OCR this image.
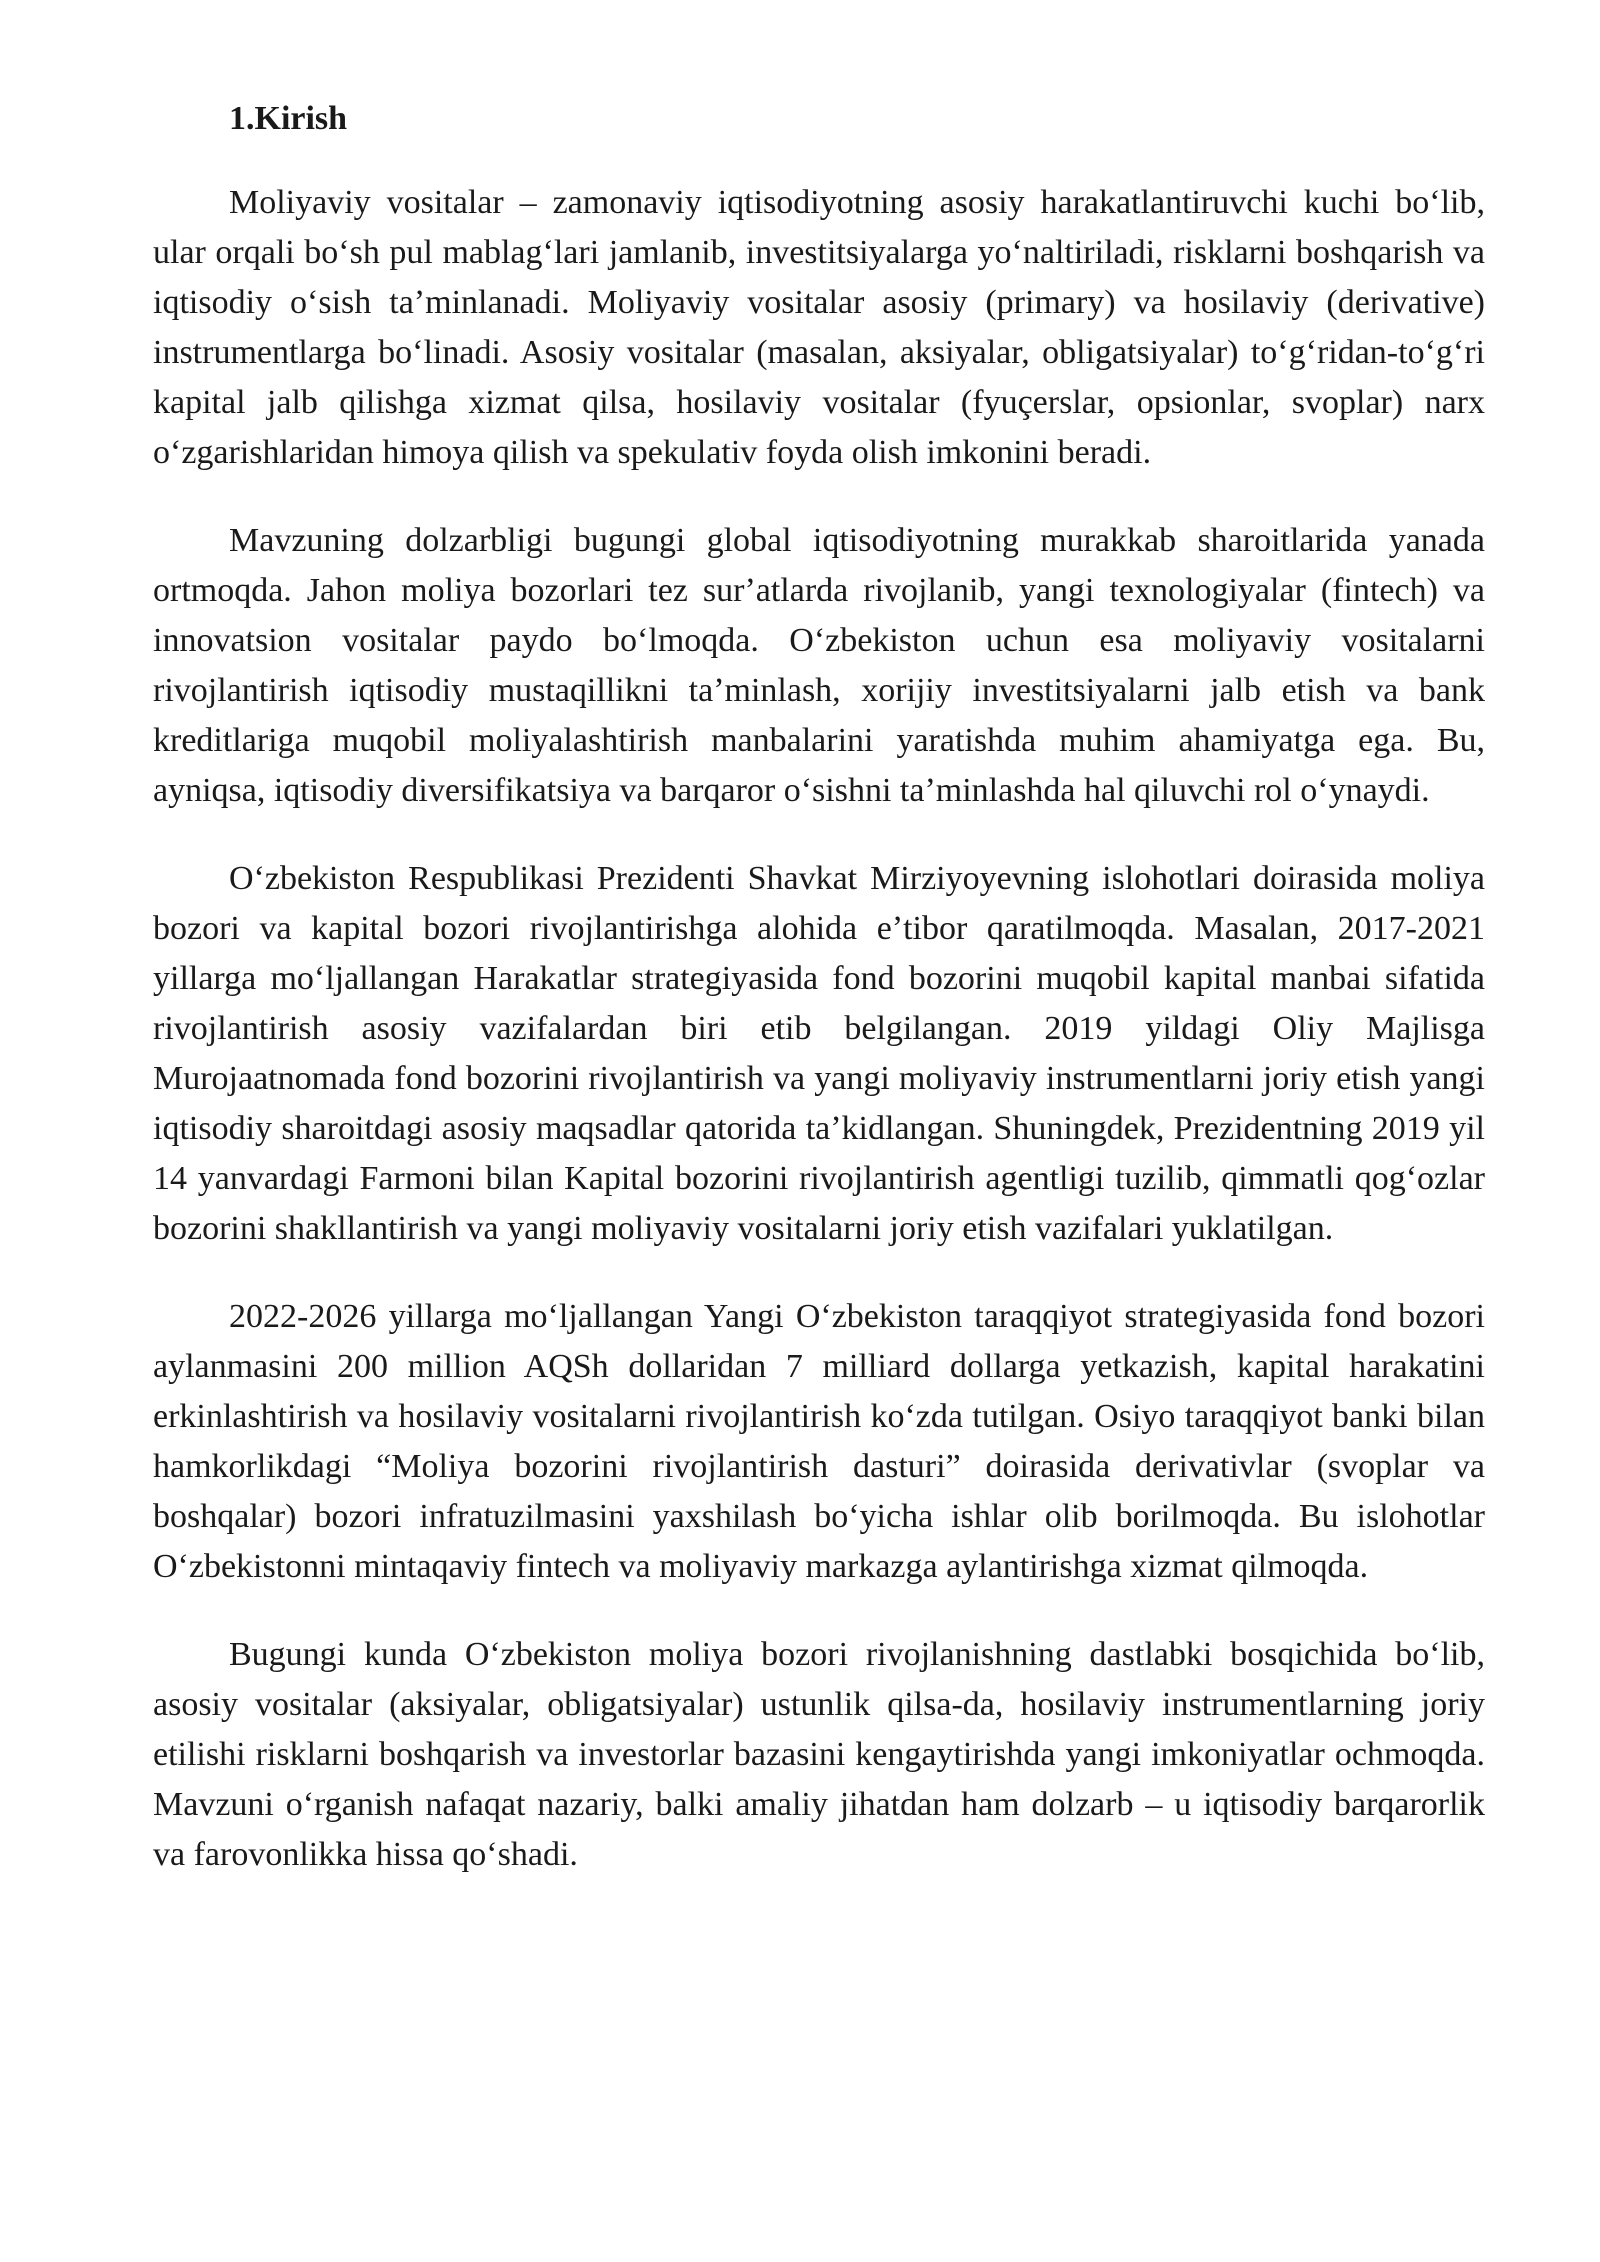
1.Kirish

Moliyaviy vositalar – zamonaviy iqtisodiyotning asosiy harakatlantiruvchi kuchi boʻlib, ular orqali boʻsh pul mablagʻlari jamlanib, investitsiyalarga yoʻnaltiriladi, risklarni boshqarish va iqtisodiy oʻsish taʼminlanadi. Moliyaviy vositalar asosiy (primary) va hosilaviy (derivative) instrumentlarga boʻlinadi. Asosiy vositalar (masalan, aksiyalar, obligatsiyalar) toʻgʻridan-toʻgʻri kapital jalb qilishga xizmat qilsa, hosilaviy vositalar (fyuçerslar, opsionlar, svoplar) narx oʻzgarishlaridan himoya qilish va spekulativ foyda olish imkonini beradi.

Mavzuning dolzarbligi bugungi global iqtisodiyotning murakkab sharoitlarida yanada ortmoqda. Jahon moliya bozorlari tez surʼatlarda rivojlanib, yangi texnologiyalar (fintech) va innovatsion vositalar paydo boʻlmoqda. Oʻzbekiston uchun esa moliyaviy vositalarni rivojlantirish iqtisodiy mustaqillikni taʼminlash, xorijiy investitsiyalarni jalb etish va bank kreditlariga muqobil moliyalashtirish manbalarini yaratishda muhim ahamiyatga ega. Bu, ayniqsa, iqtisodiy diversifikatsiya va barqaror oʻsishni taʼminlashda hal qiluvchi rol oʻynaydi.

Oʻzbekiston Respublikasi Prezidenti Shavkat Mirziyoyevning islohotlari doirasida moliya bozori va kapital bozori rivojlantirishga alohida eʼtibor qaratilmoqda. Masalan, 2017-2021 yillarga moʻljallangan Harakatlar strategiyasida fond bozorini muqobil kapital manbai sifatida rivojlantirish asosiy vazifalardan biri etib belgilangan. 2019 yildagi Oliy Majlisga Murojaatnomada fond bozorini rivojlantirish va yangi moliyaviy instrumentlarni joriy etish yangi iqtisodiy sharoitdagi asosiy maqsadlar qatorida taʼkidlangan. Shuningdek, Prezidentning 2019 yil 14 yanvardagi Farmoni bilan Kapital bozorini rivojlantirish agentligi tuzilib, qimmatli qogʻozlar bozorini shakllantirish va yangi moliyaviy vositalarni joriy etish vazifalari yuklatilgan.

2022-2026 yillarga moʻljallangan Yangi Oʻzbekiston taraqqiyot strategiyasida fond bozori aylanmasini 200 million AQSh dollaridan 7 milliard dollarga yetkazish, kapital harakatini erkinlashtirish va hosilaviy vositalarni rivojlantirish koʻzda tutilgan. Osiyo taraqqiyot banki bilan hamkorlikdagi “Moliya bozorini rivojlantirish dasturi” doirasida derivativlar (svoplar va boshqalar) bozori infratuzilmasini yaxshilash boʻyicha ishlar olib borilmoqda. Bu islohotlar Oʻzbekistonni mintaqaviy fintech va moliyaviy markazga aylantirishga xizmat qilmoqda.

Bugungi kunda Oʻzbekiston moliya bozori rivojlanishning dastlabki bosqichida boʻlib, asosiy vositalar (aksiyalar, obligatsiyalar) ustunlik qilsa-da, hosilaviy instrumentlarning joriy etilishi risklarni boshqarish va investorlar bazasini kengaytirishda yangi imkoniyatlar ochmoqda. Mavzuni oʻrganish nafaqat nazariy, balki amaliy jihatdan ham dolzarb – u iqtisodiy barqarorlik va farovonlikka hissa qoʻshadi.
